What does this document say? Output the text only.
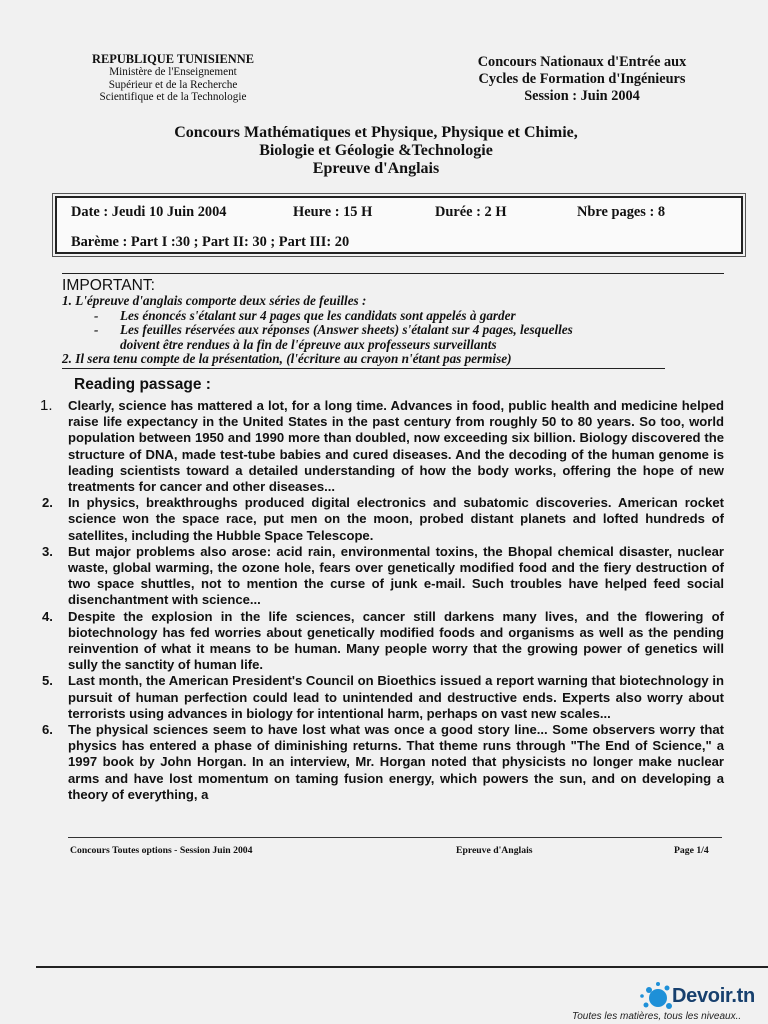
REPUBLIQUE TUNISIENNE
Ministère de l'Enseignement
Supérieur et de la Recherche
Scientifique et de la Technologie
Concours Nationaux d'Entrée aux
Cycles de Formation d'Ingénieurs
Session : Juin 2004
Concours Mathématiques et Physique, Physique et Chimie,
Biologie et Géologie &Technologie
Epreuve d'Anglais
Date : Jeudi 10 Juin 2004	Heure : 15 H	Durée : 2 H	Nbre pages : 8
Barème : Part I :30 ; Part II: 30 ; Part III: 20
IMPORTANT:
1. L'épreuve d'anglais comporte deux séries de feuilles :
-	Les énoncés s'étalant sur 4 pages que les candidats sont appelés à garder
-	Les feuilles réservées aux réponses (Answer sheets) s'étalant sur 4 pages, lesquelles
doivent être rendues à la fin de l'épreuve aux professeurs surveillants
2. Il sera tenu compte de la présentation, (l'écriture au crayon n'étant pas permise)
Reading passage :

1. Clearly, science has mattered a lot, for a long time. Advances in food, public health and medicine helped raise life expectancy in the United States in the past century from roughly 50 to 80 years. So too, world population between 1950 and 1990 more than doubled, now exceeding six billion. Biology discovered the structure of DNA, made test-tube babies and cured diseases. And the decoding of the human genome is leading scientists toward a detailed understanding of how the body works, offering the hope of new treatments for cancer and other diseases...

2. In physics, breakthroughs produced digital electronics and subatomic discoveries. American rocket science won the space race, put men on the moon, probed distant planets and lofted hundreds of satellites, including the Hubble Space Telescope.

3. But major problems also arose: acid rain, environmental toxins, the Bhopal chemical disaster, nuclear waste, global warming, the ozone hole, fears over genetically modified food and the fiery destruction of two space shuttles, not to mention the curse of junk e-mail. Such troubles have helped feed social disenchantment with science...

4. Despite the explosion in the life sciences, cancer still darkens many lives, and the flowering of biotechnology has fed worries about genetically modified foods and organisms as well as the pending reinvention of what it means to be human. Many people worry that the growing power of genetics will sully the sanctity of human life.

5. Last month, the American President's Council on Bioethics issued a report warning that biotechnology in pursuit of human perfection could lead to unintended and destructive ends. Experts also worry about terrorists using advances in biology for intentional harm, perhaps on vast new scales...

6. The physical sciences seem to have lost what was once a good story line... Some observers worry that physics has entered a phase of diminishing returns. That theme runs through "The End of Science," a 1997 book by John Horgan. In an interview, Mr. Horgan noted that physicists no longer make nuclear arms and have lost momentum on taming fusion energy, which powers the sun, and on developing a theory of everything, a

Concours Toutes options - Session Juin 2004	Epreuve d'Anglais	Page 1/4
Devoir.tn
Toutes les matières, tous les niveaux..
